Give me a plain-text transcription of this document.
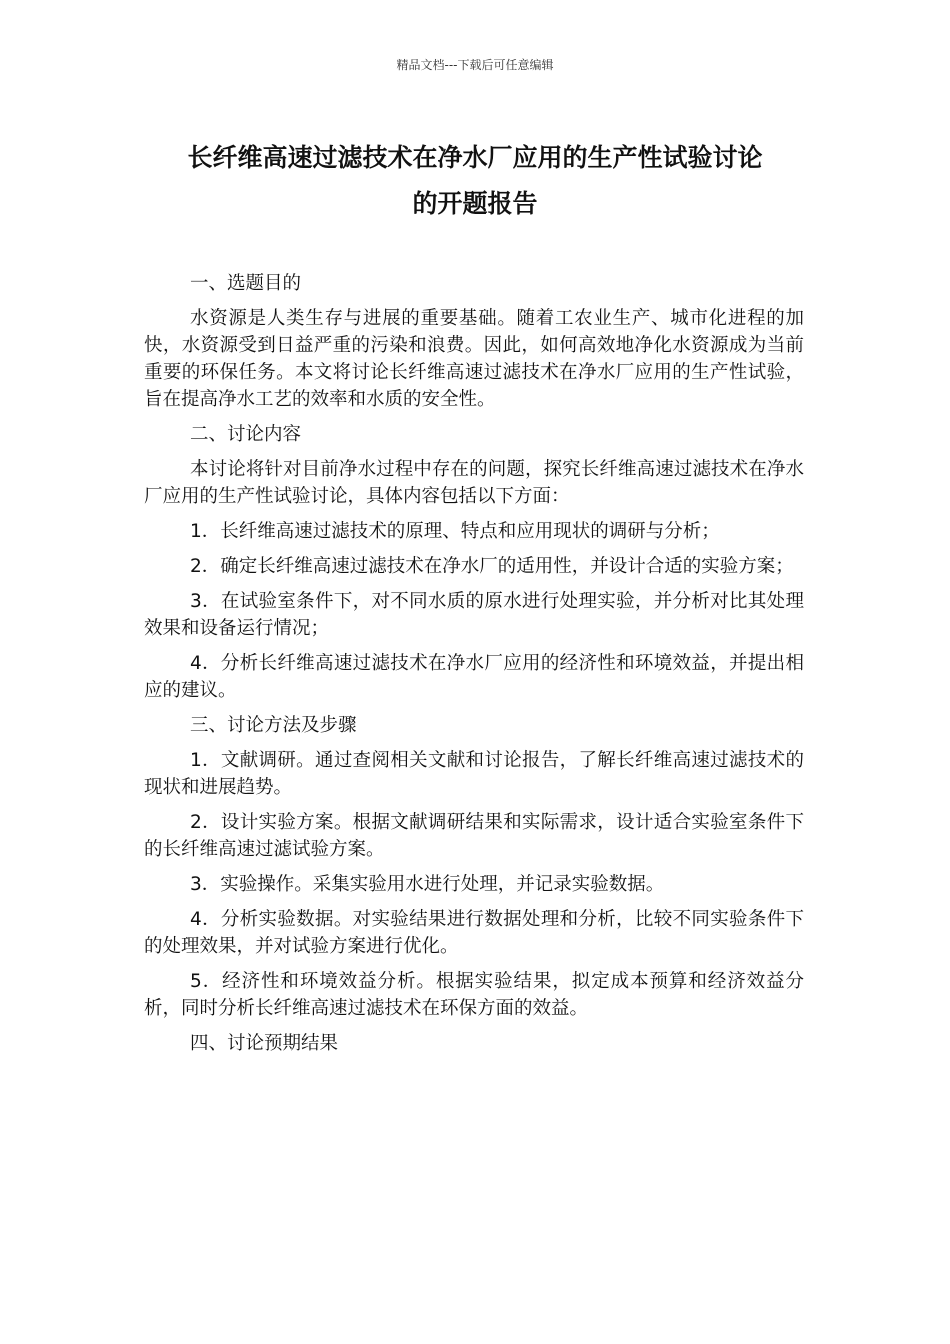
精品文档---下载后可任意编辑
长纤维高速过滤技术在净水厂应用的生产性试验讨论
的开题报告

一、选题目的

水资源是人类生存与进展的重要基础。随着工农业生产、城市化进程的加快，水资源受到日益严重的污染和浪费。因此，如何高效地净化水资源成为当前重要的环保任务。本文将讨论长纤维高速过滤技术在净水厂应用的生产性试验，旨在提高净水工艺的效率和水质的安全性。

二、讨论内容

本讨论将针对目前净水过程中存在的问题，探究长纤维高速过滤技术在净水厂应用的生产性试验讨论，具体内容包括以下方面：

1．长纤维高速过滤技术的原理、特点和应用现状的调研与分析；

2．确定长纤维高速过滤技术在净水厂的适用性，并设计合适的实验方案；

3．在试验室条件下，对不同水质的原水进行处理实验，并分析对比其处理效果和设备运行情况；

4．分析长纤维高速过滤技术在净水厂应用的经济性和环境效益，并提出相应的建议。

三、讨论方法及步骤

1．文献调研。通过查阅相关文献和讨论报告，了解长纤维高速过滤技术的现状和进展趋势。

2．设计实验方案。根据文献调研结果和实际需求，设计适合实验室条件下的长纤维高速过滤试验方案。

3．实验操作。采集实验用水进行处理，并记录实验数据。

4．分析实验数据。对实验结果进行数据处理和分析，比较不同实验条件下的处理效果，并对试验方案进行优化。

5．经济性和环境效益分析。根据实验结果，拟定成本预算和经济效益分析，同时分析长纤维高速过滤技术在环保方面的效益。

四、讨论预期结果
